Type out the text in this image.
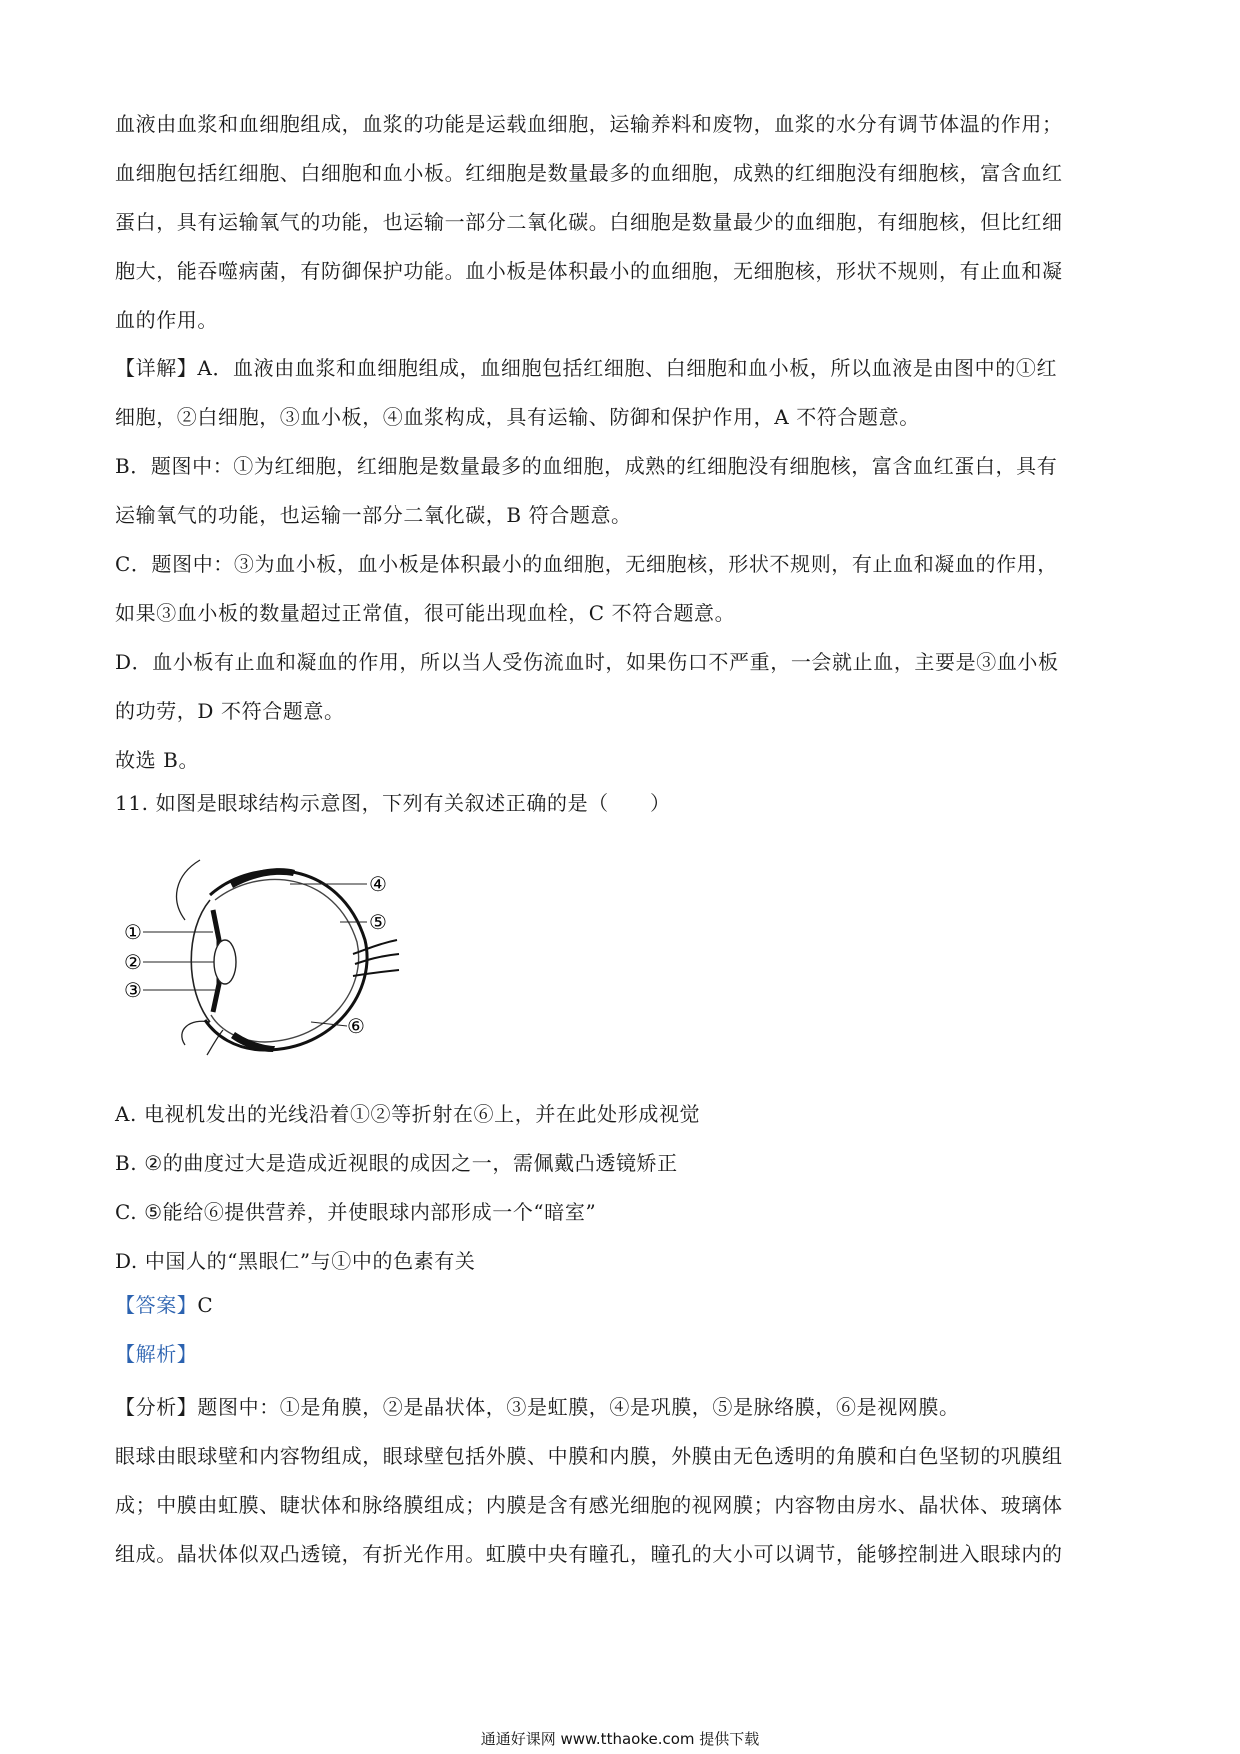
血液由血浆和血细胞组成，血浆的功能是运载血细胞，运输养料和废物，血浆的水分有调节体温的作用；
血细胞包括红细胞、白细胞和血小板。红细胞是数量最多的血细胞，成熟的红细胞没有细胞核，富含血红
蛋白，具有运输氧气的功能，也运输一部分二氧化碳。白细胞是数量最少的血细胞，有细胞核，但比红细
胞大，能吞噬病菌，有防御保护功能。血小板是体积最小的血细胞，无细胞核，形状不规则，有止血和凝
血的作用。
【详解】A．血液由血浆和血细胞组成，血细胞包括红细胞、白细胞和血小板，所以血液是由图中的①红
细胞，②白细胞，③血小板，④血浆构成，具有运输、防御和保护作用，A 不符合题意。
B．题图中：①为红细胞，红细胞是数量最多的血细胞，成熟的红细胞没有细胞核，富含血红蛋白，具有
运输氧气的功能，也运输一部分二氧化碳，B 符合题意。
C．题图中：③为血小板，血小板是体积最小的血细胞，无细胞核，形状不规则，有止血和凝血的作用，
如果③血小板的数量超过正常值，很可能出现血栓，C 不符合题意。
D．血小板有止血和凝血的作用，所以当人受伤流血时，如果伤口不严重，一会就止血，主要是③血小板
的功劳，D 不符合题意。
故选 B。
11. 如图是眼球结构示意图，下列有关叙述正确的是（　　）
①
②
③
④
⑤
⑥
A. 电视机发出的光线沿着①②等折射在⑥上，并在此处形成视觉
B. ②的曲度过大是造成近视眼的成因之一，需佩戴凸透镜矫正
C. ⑤能给⑥提供营养，并使眼球内部形成一个“暗室”
D. 中国人的“黑眼仁”与①中的色素有关
【答案】C
【解析】
【分析】题图中：①是角膜，②是晶状体，③是虹膜，④是巩膜，⑤是脉络膜，⑥是视网膜。
眼球由眼球壁和内容物组成，眼球壁包括外膜、中膜和内膜，外膜由无色透明的角膜和白色坚韧的巩膜组
成；中膜由虹膜、睫状体和脉络膜组成；内膜是含有感光细胞的视网膜；内容物由房水、晶状体、玻璃体
组成。晶状体似双凸透镜，有折光作用。虹膜中央有瞳孔，瞳孔的大小可以调节，能够控制进入眼球内的
通通好课网 www.tthaoke.com 提供下载
